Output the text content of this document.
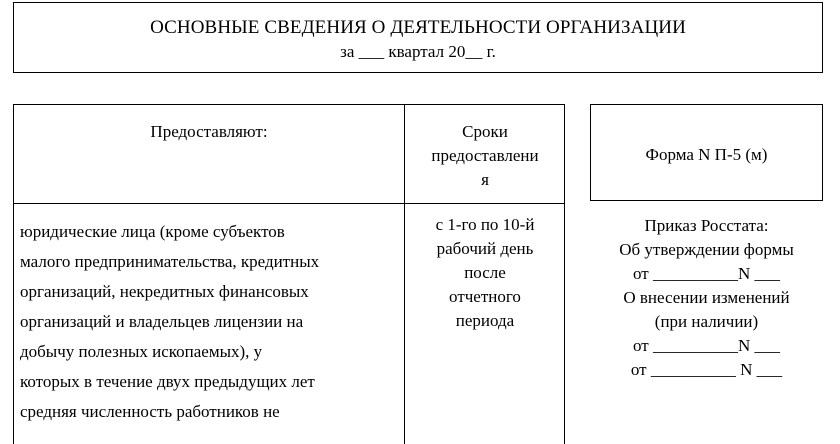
ОСНОВНЫЕ СВЕДЕНИЯ О ДЕЯТЕЛЬНОСТИ ОРГАНИЗАЦИИ
за ___ квартал 20__ г.
Предоставляют:	Сроки
предоставлени
я
юридические лица (кроме субъектов
малого предпринимательства, кредитных
организаций, некредитных финансовых
организаций и владельцев лицензии на
добычу полезных ископаемых), у
которых в течение двух предыдущих лет
средняя численность работников не
с 1-го по 10-й
рабочий день
после
отчетного
периода
Форма N П-5 (м)
Приказ Росстата:
Об утверждении формы
от __________N ___
О внесении изменений
(при наличии)
от __________N ___
от __________ N ___
